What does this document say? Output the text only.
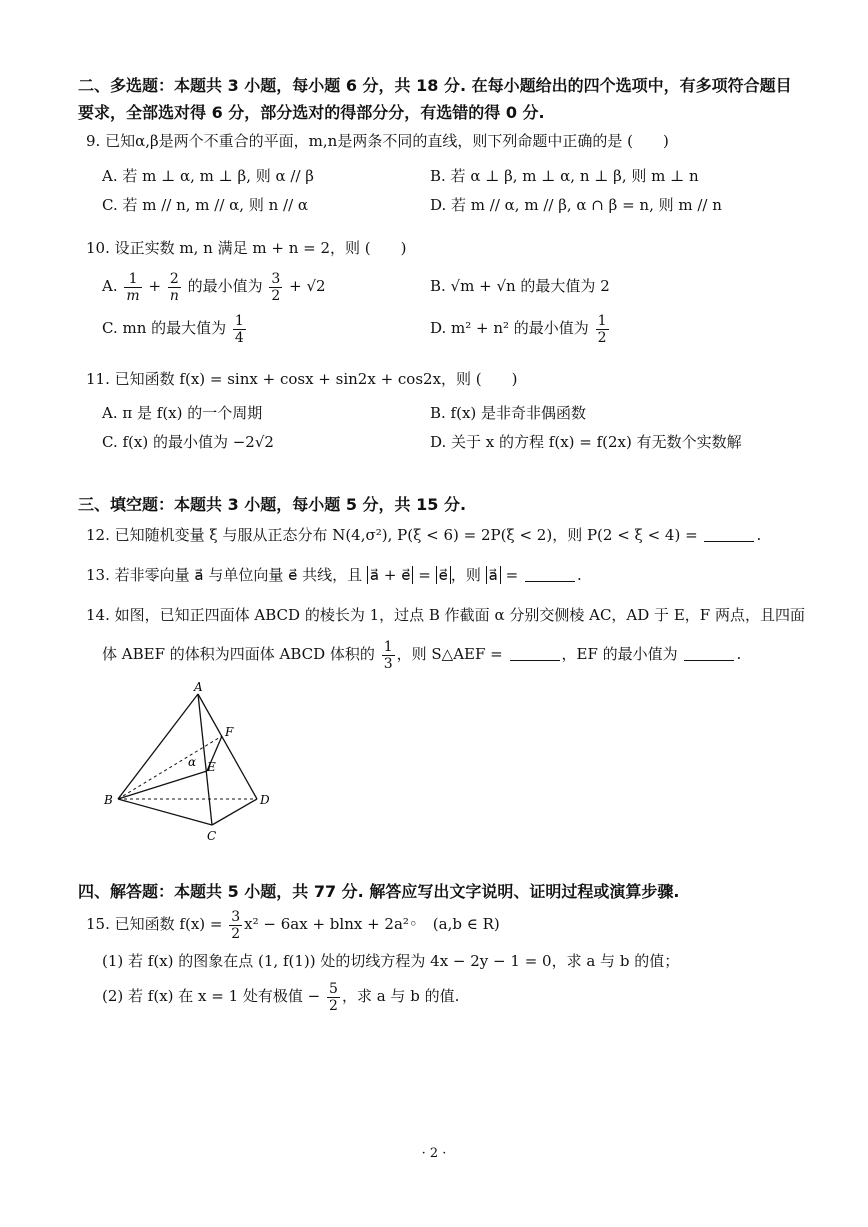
二、多选题：本题共 3 小题，每小题 6 分，共 18 分. 在每小题给出的四个选项中，有多项符合题目
要求，全部选对得 6 分，部分选对的得部分分，有选错的得 0 分.
9. 已知α,β是两个不重合的平面，m,n是两条不同的直线，则下列命题中正确的是 (　　)
A. 若 m ⊥ α, m ⊥ β, 则 α // β	B. 若 α ⊥ β, m ⊥ α, n ⊥ β, 则 m ⊥ n
C. 若 m // n, m // α, 则 n // α	D. 若 m // α, m // β, α ∩ β = n, 则 m // n
10. 设正实数 m, n 满足 m + n = 2，则 (　　)
A. $\frac{1}{m} + \frac{2}{n}$ 的最小值为 $\frac{3}{2} + √2$	B. √m + √n 的最大值为 2
C. mn 的最大值为 $\frac{1}{4}$	D. m² + n² 的最小值为 $\frac{1}{2}$
11. 已知函数 f(x) = sinx + cosx + sin2x + cos2x，则 (　　)
A. π 是 f(x) 的一个周期	B. f(x) 是非奇非偶函数
C. f(x) 的最小值为 −2√2	D. 关于 x 的方程 f(x) = f(2x) 有无数个实数解
三、填空题：本题共 3 小题，每小题 5 分，共 15 分.
12. 已知随机变量 ξ 与服从正态分布 N(4,σ²), P(ξ < 6) = 2P(ξ < 2)，则 P(2 < ξ < 4) =	.
13. 若非零向量 a⃗ 与单位向量 e⃗ 共线，且 a⃗ + e⃗ = e⃗ ，则 a⃗ =	.
14. 如图，已知正四面体 ABCD 的棱长为 1，过点 B 作截面 α 分别交侧棱 AC，AD 于 E，F 两点，且四面
体 ABEF 的体积为四面体 ABCD 体积的 $\frac{1}{3}$ ，则 S△AEF =	，EF 的最小值为	.
A
B
C
D
E
F
α
四、解答题：本题共 5 小题，共 77 分. 解答应写出文字说明、证明过程或演算步骤.
15. 已知函数 $f(x) = \frac{3}{2} x^2 - 6ax + blnx$ + 2a²◦　(a,b ∈ R)
(1) 若 f(x) 的图象在点 (1, f(1)) 处的切线方程为 4x − 2y − 1 = 0，求 a 与 b 的值；
(2) 若 f(x) 在 x = 1 处有极值 − $\frac{5}{2}$ ，求 a 与 b 的值.
· 2 ·
